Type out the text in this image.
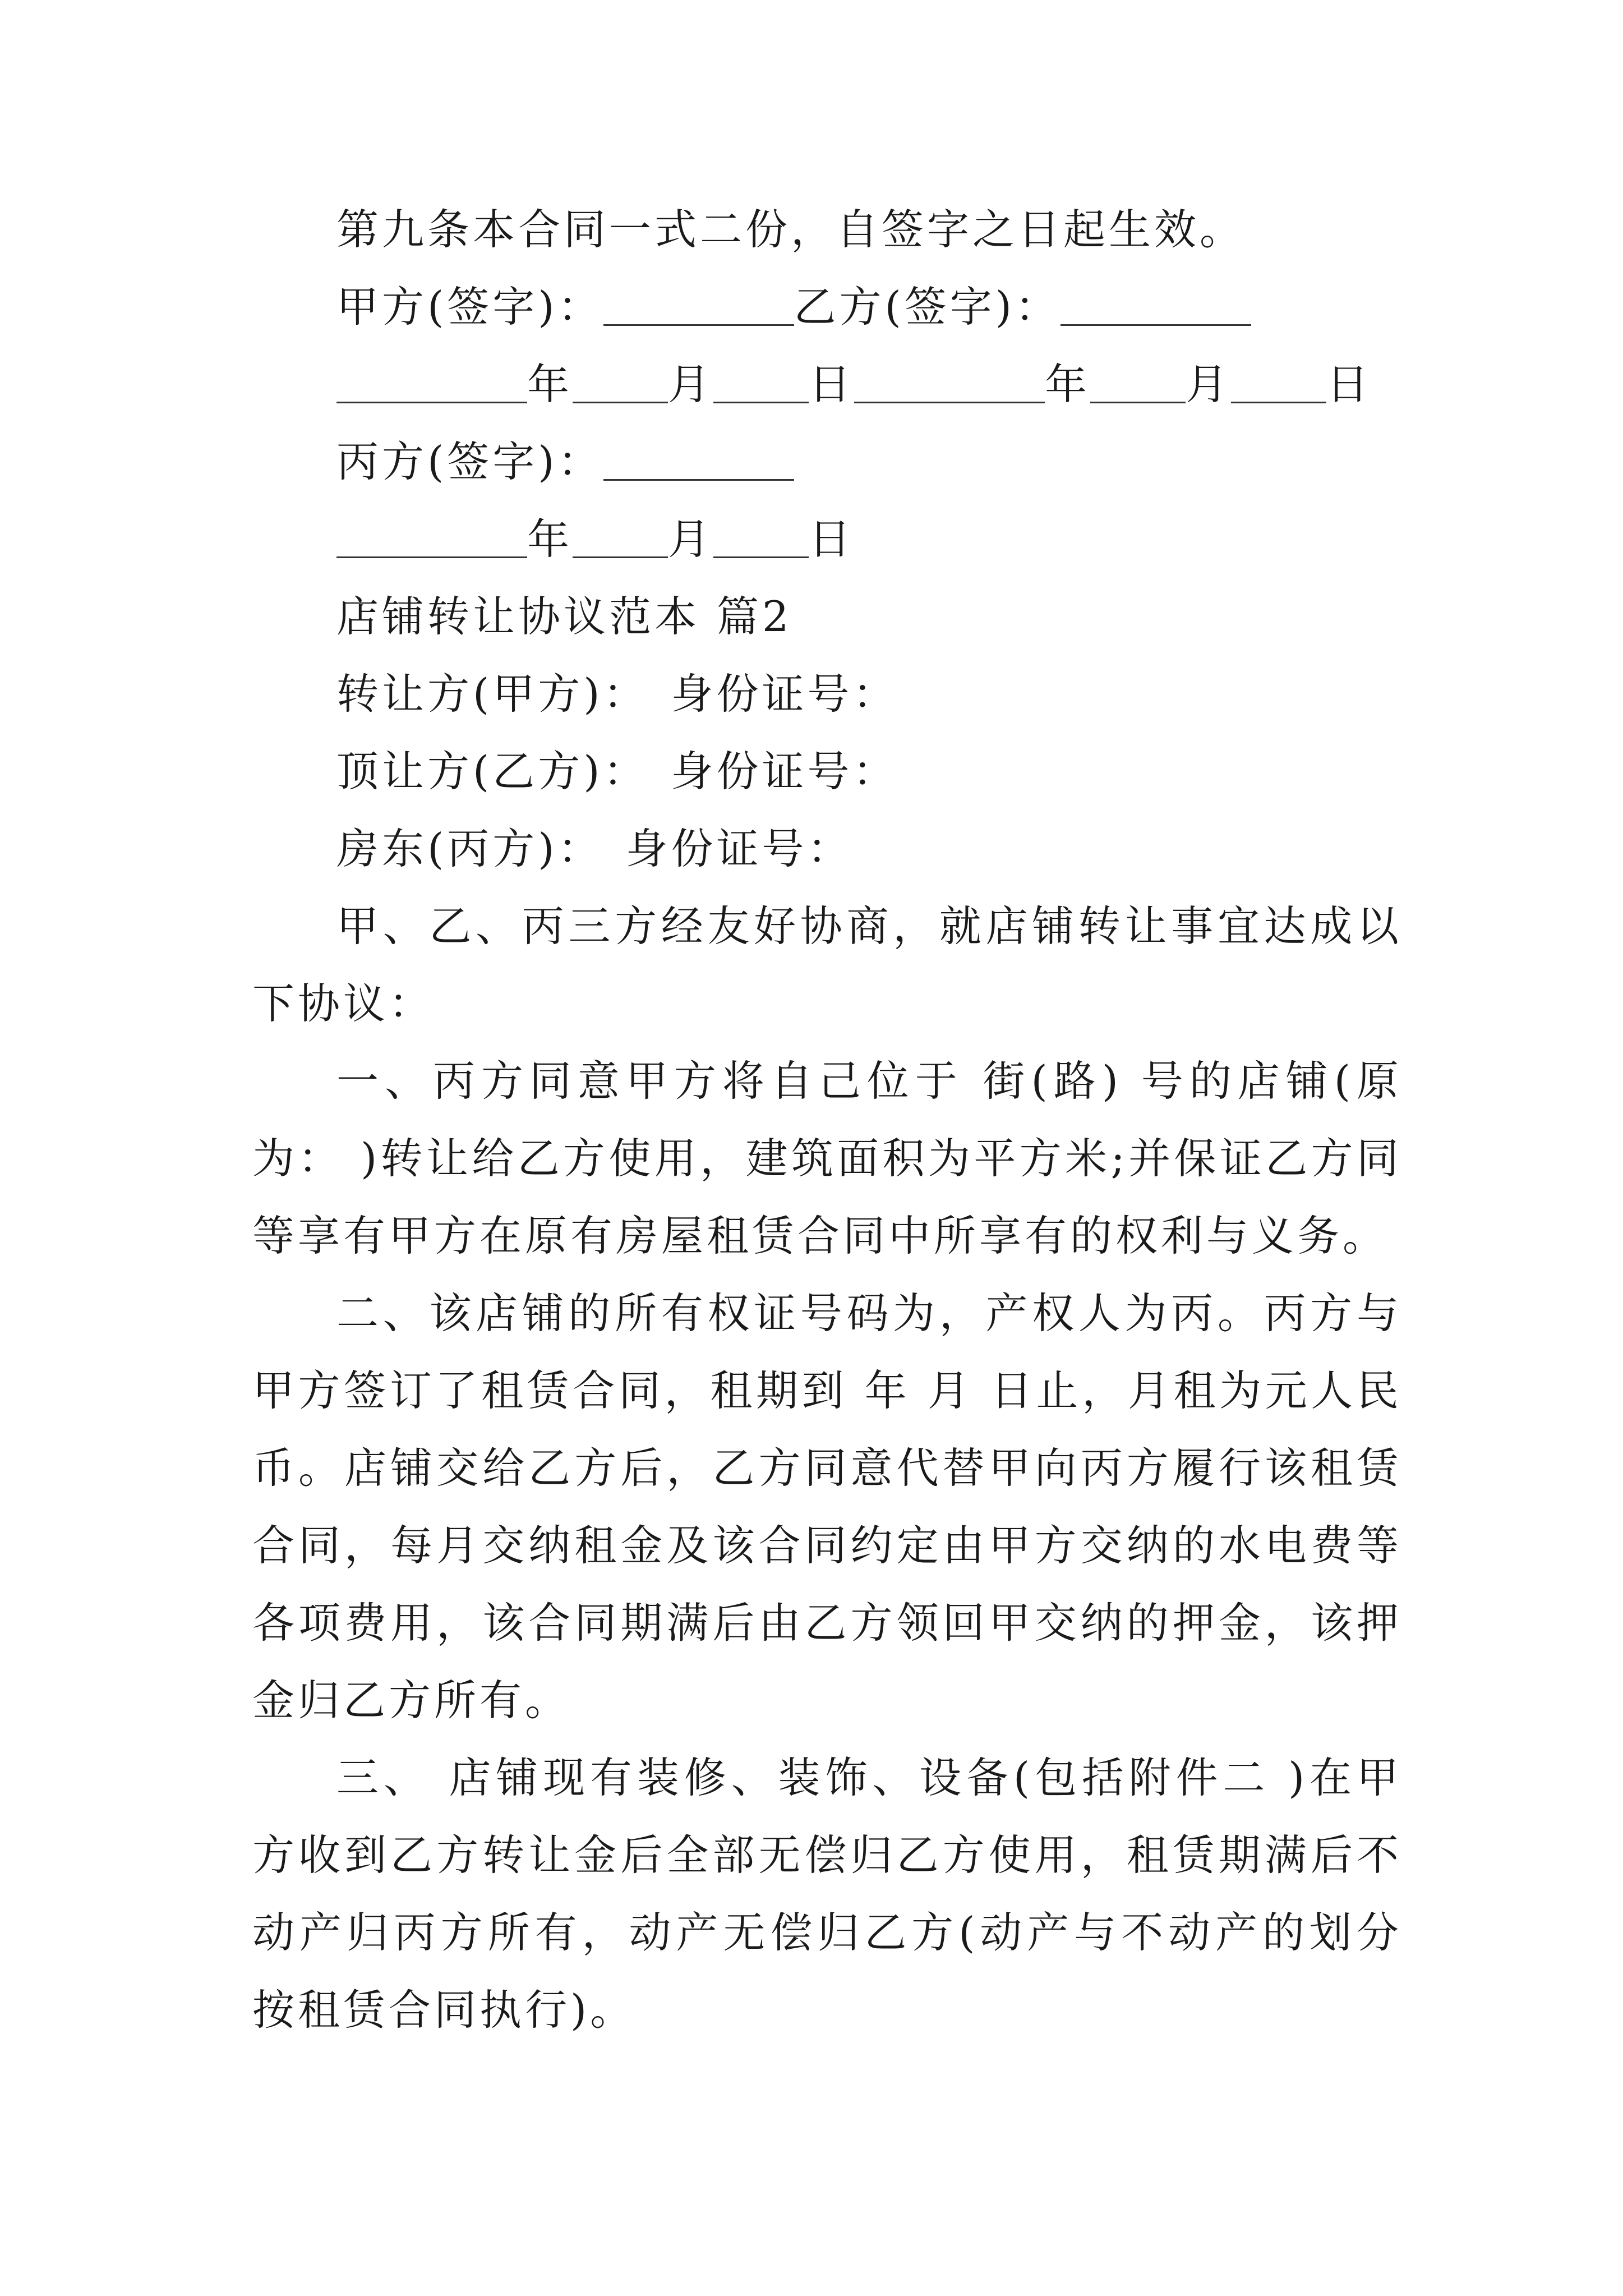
第九条本合同一式二份，自签字之日起生效。
甲方(签字)：	乙方(签字)：
年 月 日	年 月 日
丙方(签字)：
年 月 日
店铺转让协议范本 篇2
转让方(甲方)： 身份证号：
顶让方(乙方)： 身份证号：
房东(丙方)： 身份证号：
甲、乙、丙三方经友好协商，就店铺转让事宜达成以下协议：
一、丙方同意甲方将自己位于 街(路) 号的店铺(原为： )转让给乙方使用，建筑面积为平方米;并保证乙方同等享有甲方在原有房屋租赁合同中所享有的权利与义务。
二、该店铺的所有权证号码为，产权人为丙。丙方与甲方签订了租赁合同，租期到 年 月 日止，月租为元人民币。店铺交给乙方后，乙方同意代替甲向丙方履行该租赁合同，每月交纳租金及该合同约定由甲方交纳的水电费等各项费用，该合同期满后由乙方领回甲交纳的押金，该押金归乙方所有。
三、 店铺现有装修、装饰、设备(包括附件二 )在甲方收到乙方转让金后全部无偿归乙方使用，租赁期满后不动产归丙方所有，动产无偿归乙方(动产与不动产的划分按租赁合同执行)。
